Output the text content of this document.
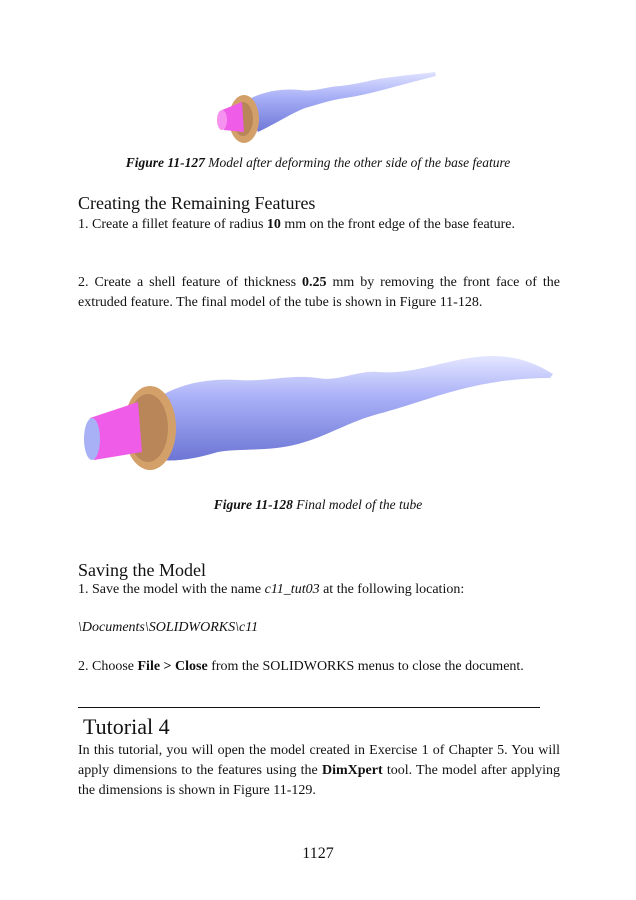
Figure 11-127 Model after deforming the other side of the base feature
Creating the Remaining Features
1. Create a fillet feature of radius 10 mm on the front edge of the base feature.
2. Create a shell feature of thickness 0.25 mm by removing the front face of the extruded feature. The final model of the tube is shown in Figure 11-128.
Figure 11-128 Final model of the tube
Saving the Model
1. Save the model with the name c11_tut03 at the following location:
\Documents\SOLIDWORKS\c11
2. Choose File > Close from the SOLIDWORKS menus to close the document.
Tutorial 4
In this tutorial, you will open the model created in Exercise 1 of Chapter 5. You will apply dimensions to the features using the DimXpert tool. The model after applying the dimensions is shown in Figure 11-129.
1127
